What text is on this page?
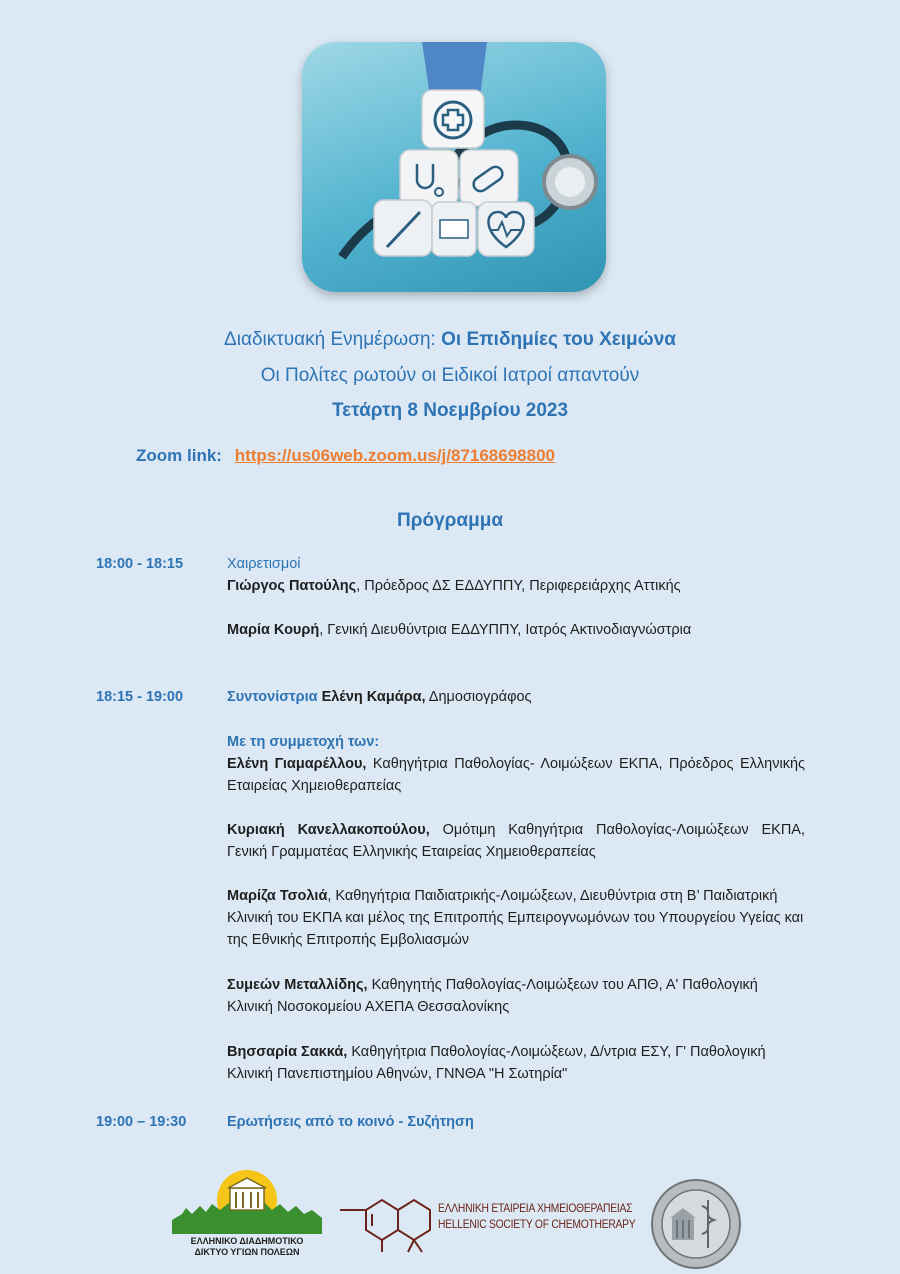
Διαδικτυακή Ενημέρωση: Οι Επιδημίες του Χειμώνα
Οι Πολίτες ρωτούν οι Ειδικοί Ιατροί απαντούν
Τετάρτη 8 Νοεμβρίου 2023
Zoom link: https://us06web.zoom.us/j/87168698800
Πρόγραμμα
18:00 - 18:15	Χαιρετισμοί
Γιώργος Πατούλης, Πρόεδρος ΔΣ ΕΔΔΥΠΠΥ, Περιφερειάρχης Αττικής
Μαρία Κουρή, Γενική Διευθύντρια ΕΔΔΥΠΠΥ, Ιατρός Ακτινοδιαγνώστρια
18:15 - 19:00	Συντονίστρια Ελένη Καμάρα, Δημοσιογράφος
Με τη συμμετοχή των:
Ελένη Γιαμαρέλλου, Καθηγήτρια Παθολογίας- Λοιμώξεων ΕΚΠΑ, Πρόεδρος Ελληνικής Εταιρείας Χημειοθεραπείας
Κυριακή Κανελλακοπούλου, Ομότιμη Καθηγήτρια Παθολογίας-Λοιμώξεων ΕΚΠΑ, Γενική Γραμματέας Ελληνικής Εταιρείας Χημειοθεραπείας
Μαρίζα Τσολιά, Καθηγήτρια Παιδιατρικής-Λοιμώξεων, Διευθύντρια στη Β’ Παιδιατρική Κλινική του ΕΚΠΑ και μέλος της Επιτροπής Εμπειρογνωμόνων του Υπουργείου Υγείας και της Εθνικής Επιτροπής Εμβολιασμών
Συμεών Μεταλλίδης, Καθηγητής Παθολογίας-Λοιμώξεων του ΑΠΘ, Α' Παθολογική Κλινική Νοσοκομείου ΑΧΕΠΑ Θεσσαλονίκης
Βησσαρία Σακκά, Καθηγήτρια Παθολογίας-Λοιμώξεων, Δ/ντρια ΕΣΥ, Γ' Παθολογική Κλινική Πανεπιστημίου Αθηνών, ΓΝΝΘΑ "Η Σωτηρία"
19:00 – 19:30	Ερωτήσεις από το κοινό - Συζήτηση
ΕΛΛΗΝΙΚΟ ΔΙΑΔΗΜΟΤΙΚΟ
ΔΙΚΤΥΟ ΥΓΙΩΝ ΠΟΛΕΩΝ
ΕΛΛΗΝΙΚΗ ΕΤΑΙΡΕΙΑ ΧΗΜΕΙΟΘΕΡΑΠΕΙΑΣ
HELLENIC SOCIETY OF CHEMOTHERAPY
